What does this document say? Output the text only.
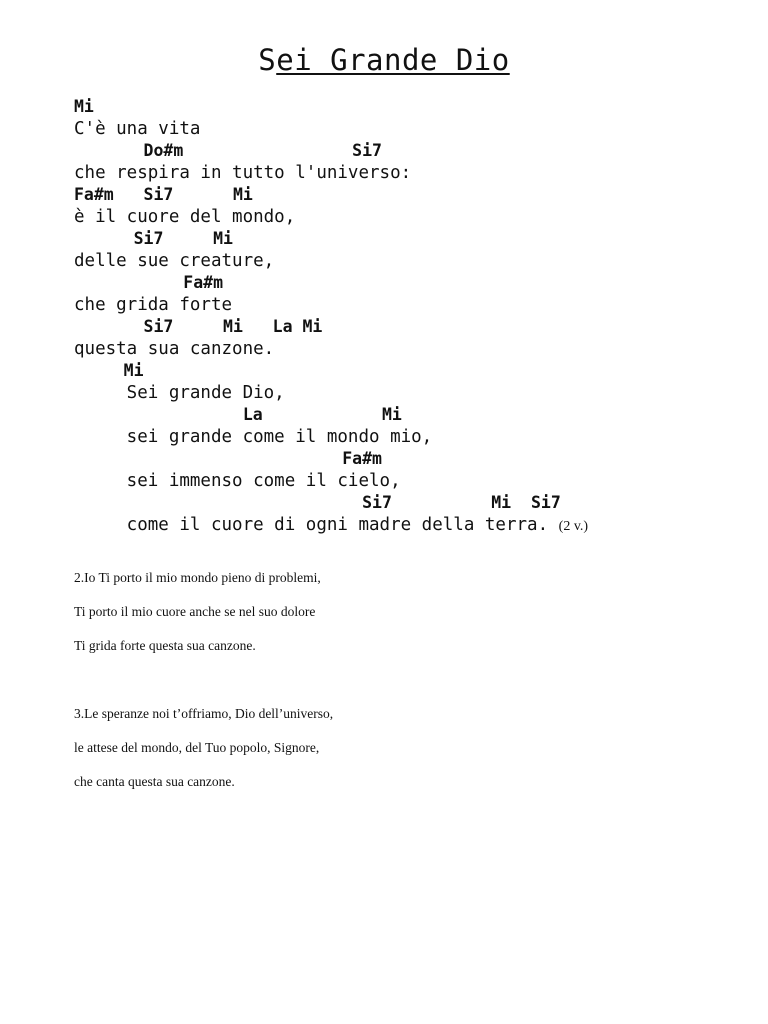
Sei Grande Dio
Mi
C'è una vita
Do#m                 Si7
che respira in tutto l'universo:
Fa#m   Si7      Mi
è il cuore del mondo,
Si7     Mi
delle sue creature,
Fa#m
che grida forte
Si7     Mi   La Mi
questa sua canzone.
Mi
Sei grande Dio,
La            Mi
sei grande come il mondo mio,
Fa#m
sei immenso come il cielo,
Si7          Mi  Si7
come il cuore di ogni madre della terra. (2 v.)
2.Io Ti porto il mio mondo pieno di problemi,
Ti porto il mio cuore anche se nel suo dolore
Ti grida forte questa sua canzone.
3.Le speranze noi t’offriamo, Dio dell’universo,
le attese del mondo, del Tuo popolo, Signore,
che canta questa sua canzone.
